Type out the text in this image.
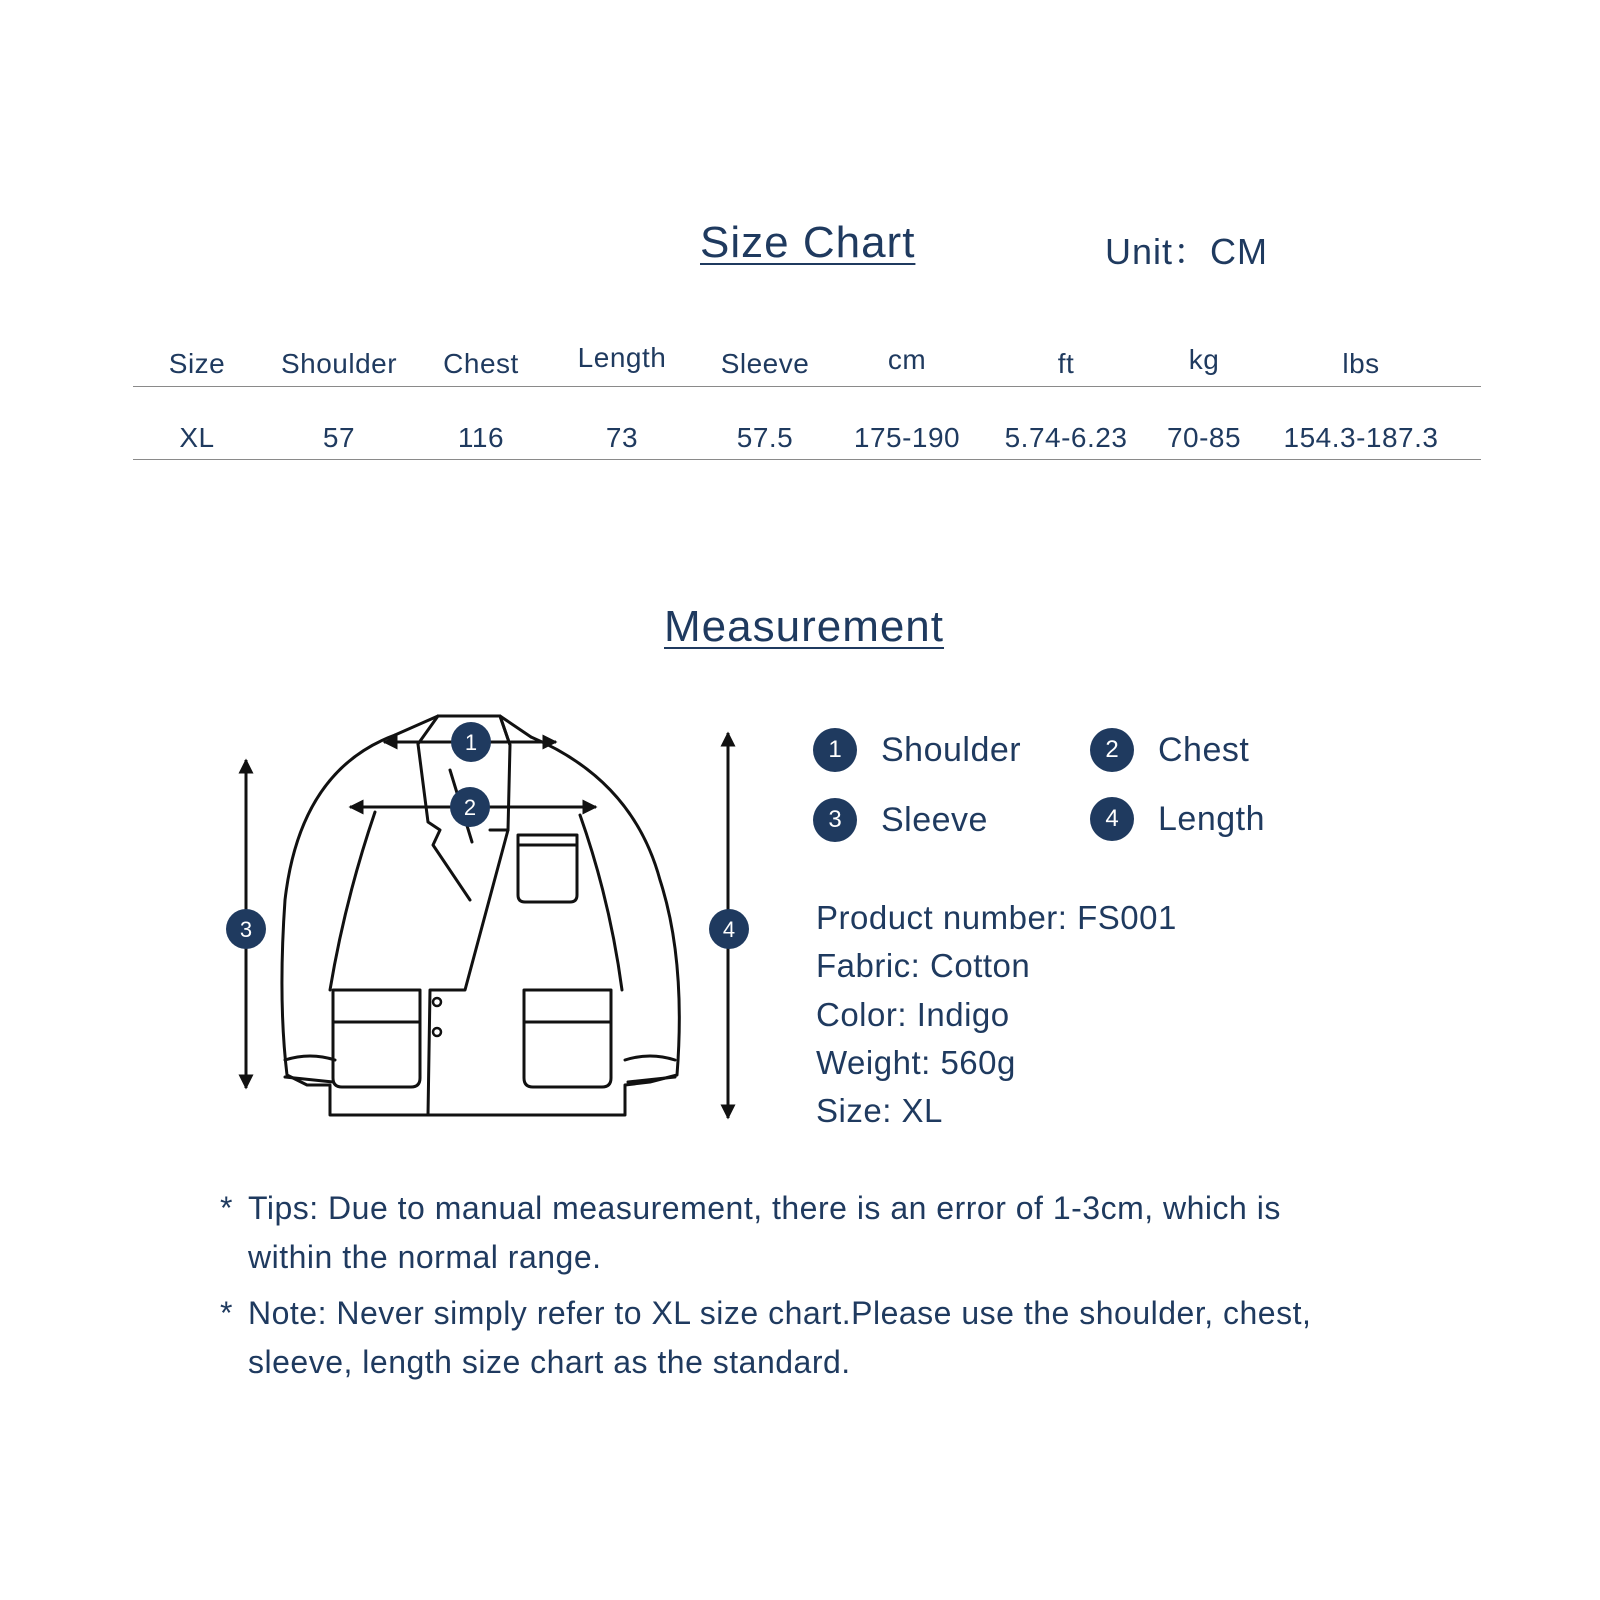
Size Chart	Unit：CM
Size Shoulder Chest Length Sleeve	cm	ft	kg	lbs
XL	57	116	73	57.5 175-190 5.74-6.23 70-85 154.3-187.3
Measurement
1
2
3	4
1	Shoulder	2	Chest
3	Sleeve	4	Length
Product number: FS001
Fabric: Cotton
Color: Indigo
Weight: 560g
Size: XL
* Tips: Due to manual measurement, there is an error of 1-3cm, which is within the normal range.
* Note: Never simply refer to XL size chart.Please use the shoulder, chest, sleeve, length size chart as the standard.
